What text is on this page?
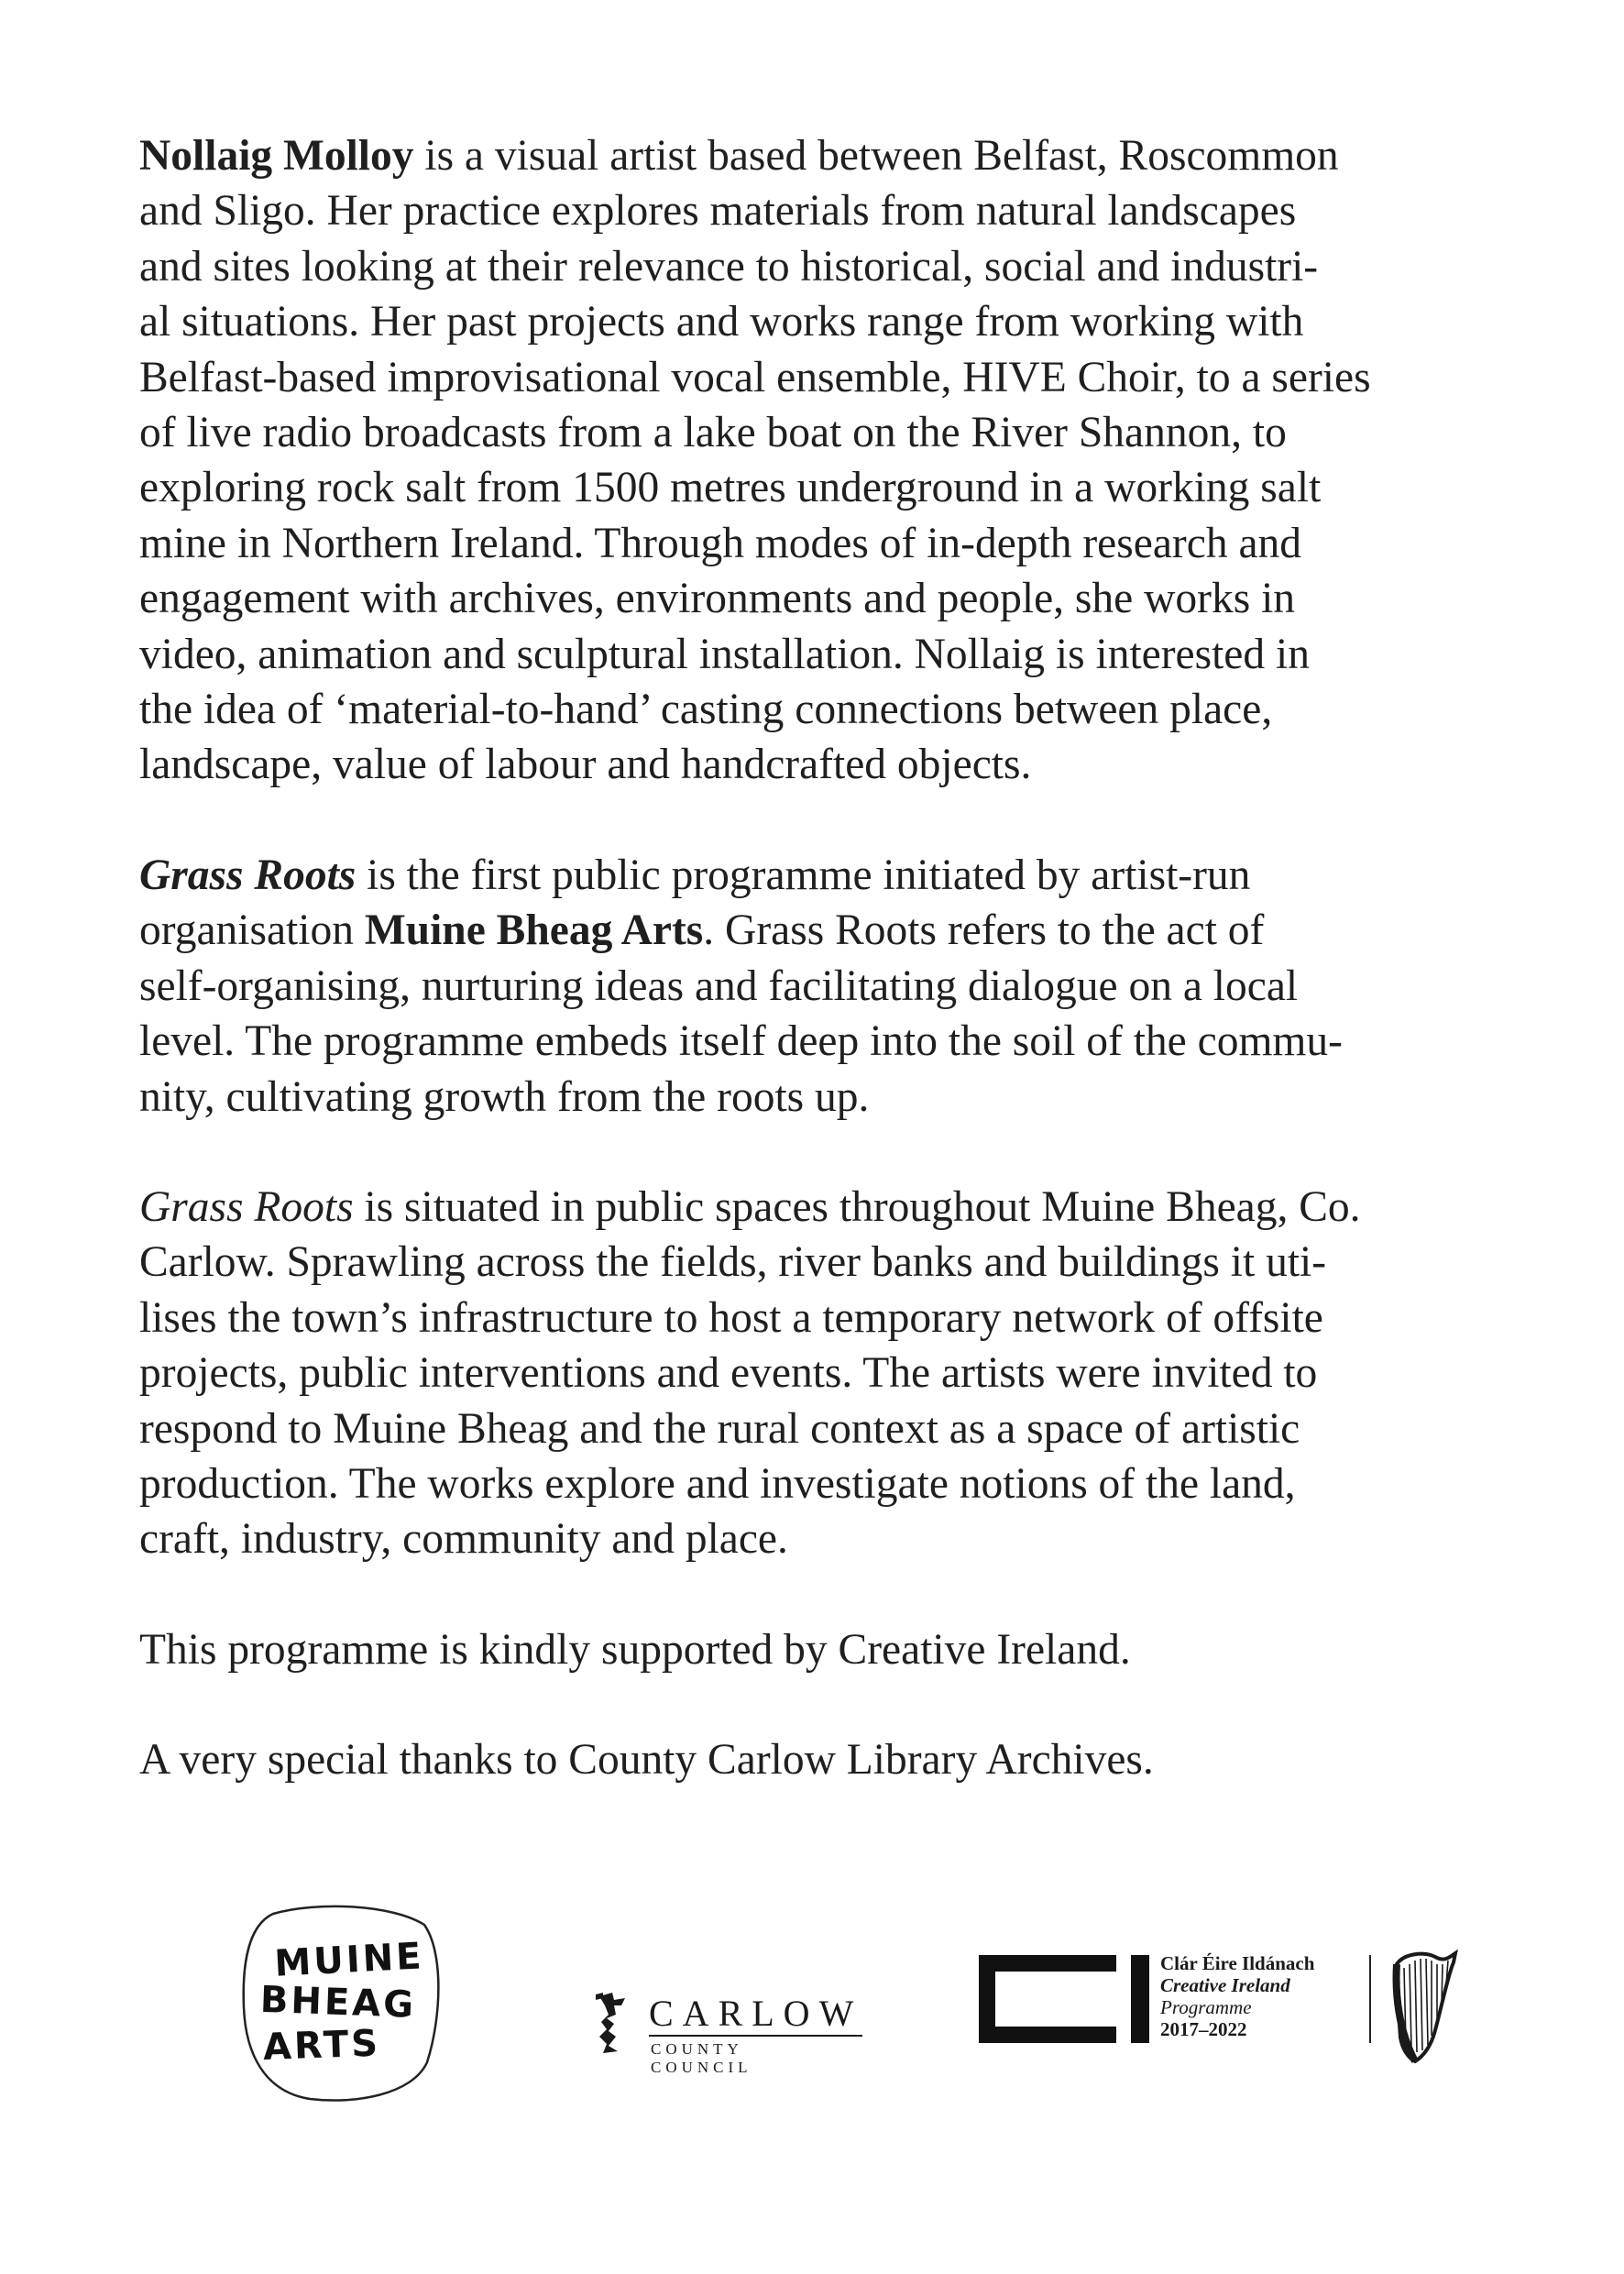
Nollaig Molloy is a visual artist based between Belfast, Roscommon
and Sligo. Her practice explores materials from natural landscapes
and sites looking at their relevance to historical, social and industri-
al situations. Her past projects and works range from working with
Belfast-based improvisational vocal ensemble, HIVE Choir, to a series
of live radio broadcasts from a lake boat on the River Shannon, to
exploring rock salt from 1500 metres underground in a working salt
mine in Northern Ireland. Through modes of in-depth research and
engagement with archives, environments and people, she works in
video, animation and sculptural installation. Nollaig is interested in
the idea of ‘material-to-hand’ casting connections between place,
landscape, value of labour and handcrafted objects.

Grass Roots is the first public programme initiated by artist-run
organisation Muine Bheag Arts. Grass Roots refers to the act of
self-organising, nurturing ideas and facilitating dialogue on a local
level. The programme embeds itself deep into the soil of the commu-
nity, cultivating growth from the roots up.

Grass Roots is situated in public spaces throughout Muine Bheag, Co.
Carlow. Sprawling across the fields, river banks and buildings it uti-
lises the town’s infrastructure to host a temporary network of offsite
projects, public interventions and events. The artists were invited to
respond to Muine Bheag and the rural context as a space of artistic
production. The works explore and investigate notions of the land,
craft, industry, community and place.

This programme is kindly supported by Creative Ireland.

A very special thanks to County Carlow Library Archives.

MUINE
BHEAG
ARTS
CARLOW
COUNTY COUNCIL
Clár Éire Ildánach
Creative Ireland
Programme
2017–2022
